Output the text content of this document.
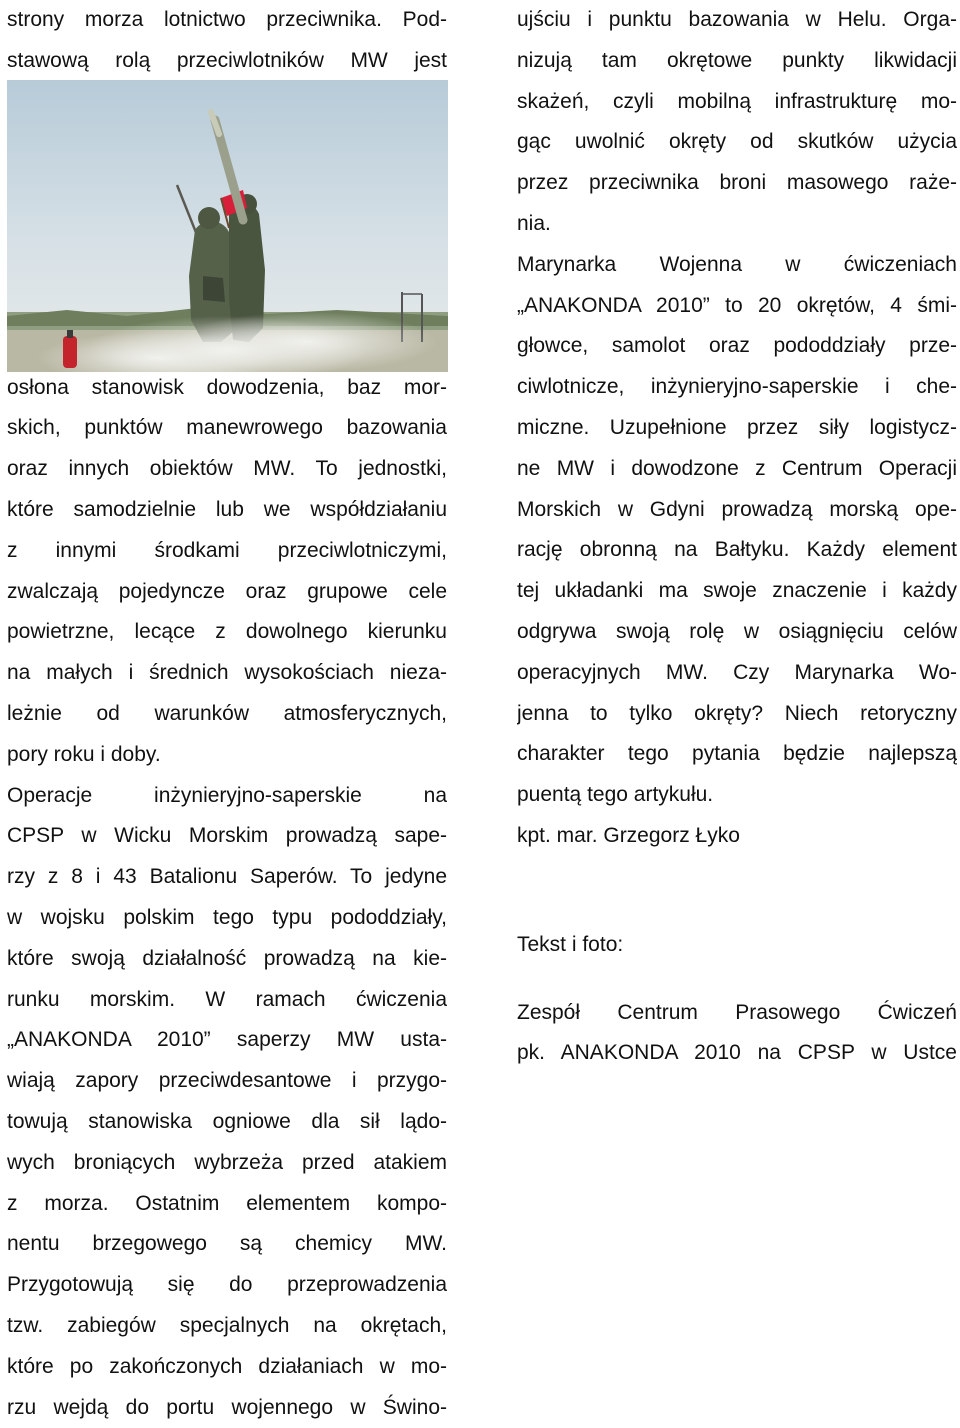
strony morza lotnictwo przeciwnika. Pod-
stawową rolą przeciwlotników MW jest
osłona stanowisk dowodzenia, baz mor-
skich, punktów manewrowego bazowania
oraz innych obiektów MW. To jednostki,
które samodzielnie lub we współdziałaniu
z innymi środkami przeciwlotniczymi,
zwalczają pojedyncze oraz grupowe cele
powietrzne, lecące z dowolnego kierunku
na małych i średnich wysokościach nieza-
leżnie od warunków atmosferycznych,
pory roku i doby.
Operacje inżynieryjno-saperskie na
CPSP w Wicku Morskim prowadzą sape-
rzy z 8 i 43 Batalionu Saperów. To jedyne
w wojsku polskim tego typu pododdziały,
które swoją działalność prowadzą na kie-
runku morskim. W ramach ćwiczenia
„ANAKONDA 2010” saperzy MW usta-
wiają zapory przeciwdesantowe i przygo-
towują stanowiska ogniowe dla sił lądo-
wych broniących wybrzeża przed atakiem
z morza. Ostatnim elementem kompo-
nentu brzegowego są chemicy MW.
Przygotowują się do przeprowadzenia
tzw. zabiegów specjalnych na okrętach,
które po zakończonych działaniach w mo-
rzu wejdą do portu wojennego w Świno-
ujściu i punktu bazowania w Helu. Orga-
nizują tam okrętowe punkty likwidacji
skażeń, czyli mobilną infrastrukturę mo-
gąc uwolnić okręty od skutków użycia
przez przeciwnika broni masowego raże-
nia.
Marynarka Wojenna w ćwiczeniach
„ANAKONDA 2010” to 20 okrętów, 4 śmi-
głowce, samolot oraz pododdziały prze-
ciwlotnicze, inżynieryjno-saperskie i che-
miczne. Uzupełnione przez siły logistycz-
ne MW i dowodzone z Centrum Operacji
Morskich w Gdyni prowadzą morską ope-
rację obronną na Bałtyku. Każdy element
tej układanki ma swoje znaczenie i każdy
odgrywa swoją rolę w osiągnięciu celów
operacyjnych MW. Czy Marynarka Wo-
jenna to tylko okręty? Niech retoryczny
charakter tego pytania będzie najlepszą
puentą tego artykułu.
kpt. mar. Grzegorz Łyko
Tekst i foto:
Zespół Centrum Prasowego Ćwiczeń
pk. ANAKONDA 2010 na CPSP w Ustce
